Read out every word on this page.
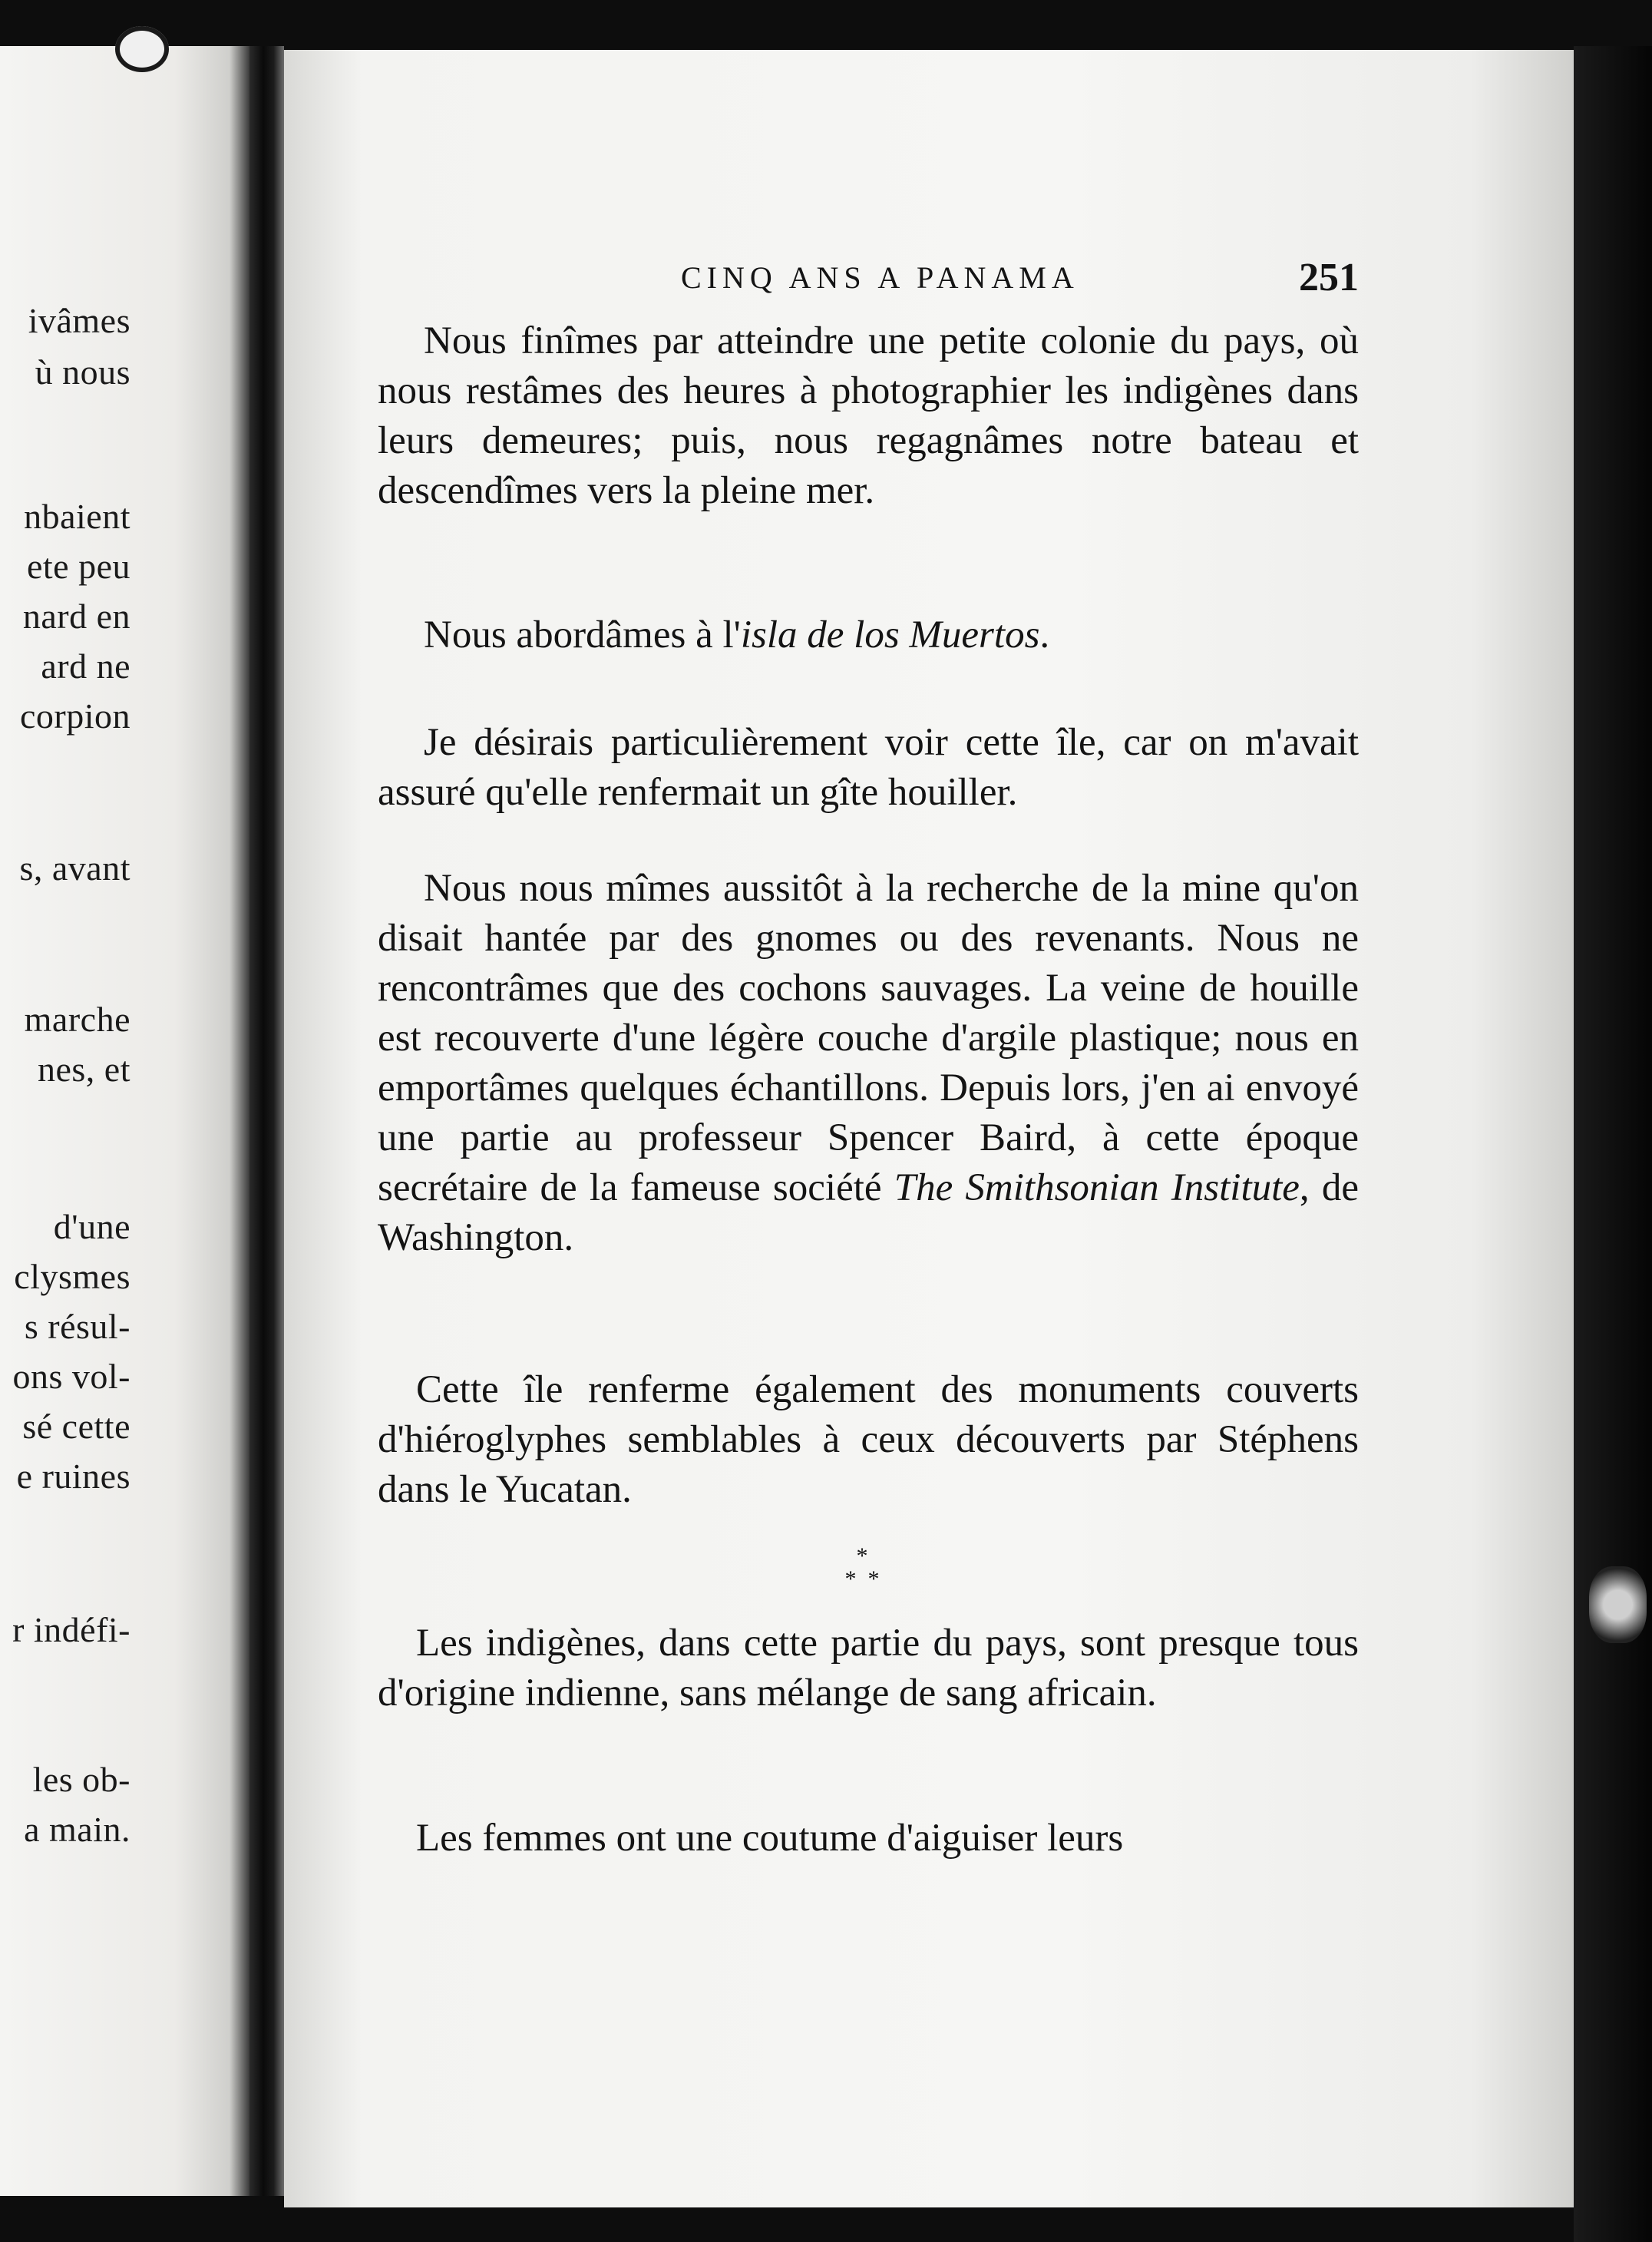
ivâmes
ù nous
nbaient
ete peu
nard en
ard ne
corpion
s, avant
marche
nes, et
d'une
clysmes
s résul-
ons vol-
sé cette
e ruines
r indéfi-
les ob-
a main.
CINQ ANS A PANAMA	251
Nous finîmes par atteindre une petite colonie du pays, où nous restâmes des heures à photographier les indigènes dans leurs demeures; puis, nous regagnâmes notre bateau et descendîmes vers la pleine mer.
Nous abordâmes à l'isla de los Muertos.
Je désirais particulièrement voir cette île, car on m'avait assuré qu'elle renfermait un gîte houiller.
Nous nous mîmes aussitôt à la recherche de la mine qu'on disait hantée par des gnomes ou des revenants. Nous ne rencontrâmes que des cochons sauvages. La veine de houille est recouverte d'une légère couche d'argile plastique; nous en emportâmes quelques échantillons. Depuis lors, j'en ai envoyé une partie au professeur Spencer Baird, à cette époque secrétaire de la fameuse société The Smithsonian Institute, de Washington.
Cette île renferme également des monuments couverts d'hiéroglyphes semblables à ceux découverts par Stéphens dans le Yucatan.
Les indigènes, dans cette partie du pays, sont presque tous d'origine indienne, sans mélange de sang africain.
Les femmes ont une coutume d'aiguiser leurs
*
*  *
